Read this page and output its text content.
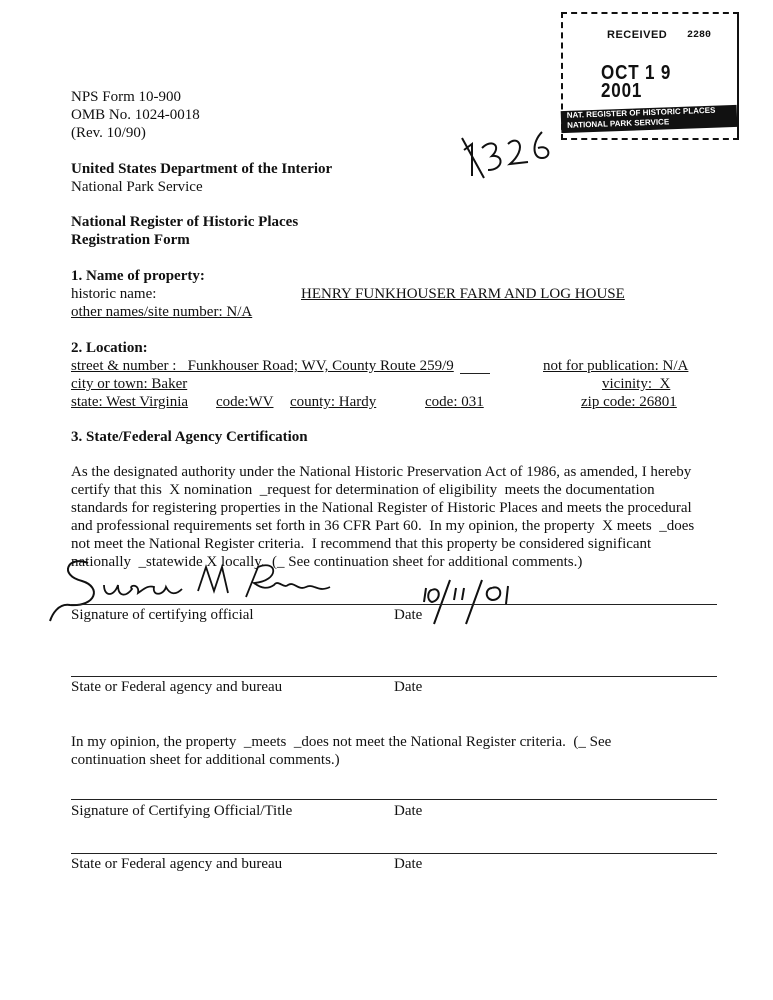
NPS Form 10-900
OMB No. 1024-0018
(Rev. 10/90)
United States Department of the Interior
National Park Service
National Register of Historic Places
Registration Form
RECEIVED 2280
OCT 1 9 2001
NAT. REGISTER OF HISTORIC PLACES NATIONAL PARK SERVICE
1. Name of property:
historic name:	HENRY FUNKHOUSER FARM AND LOG HOUSE
other names/site number: N/A
2. Location:
street & number :   Funkhouser Road; WV, County Route 259/9	not for publication: N/A
city or town: Baker	vicinity:  X
state: West Virginia code:WV county: Hardy	code: 031	zip code: 26801
3. State/Federal Agency Certification
As the designated authority under the National Historic Preservation Act of 1986, as amended, I hereby
certify that this  X nomination  _request for determination of eligibility  meets the documentation
standards for registering properties in the National Register of Historic Places and meets the procedural
and professional requirements set forth in 36 CFR Part 60.  In my opinion, the property  X meets  _does
not meet the National Register criteria.  I recommend that this property be considered significant
nationally  _statewide X locally.  (_ See continuation sheet for additional comments.)
Signature of certifying official	Date
State or Federal agency and bureau	Date
In my opinion, the property  _meets  _does not meet the National Register criteria.  (_ See
continuation sheet for additional comments.)
Signature of Certifying Official/Title	Date
State or Federal agency and bureau	Date
